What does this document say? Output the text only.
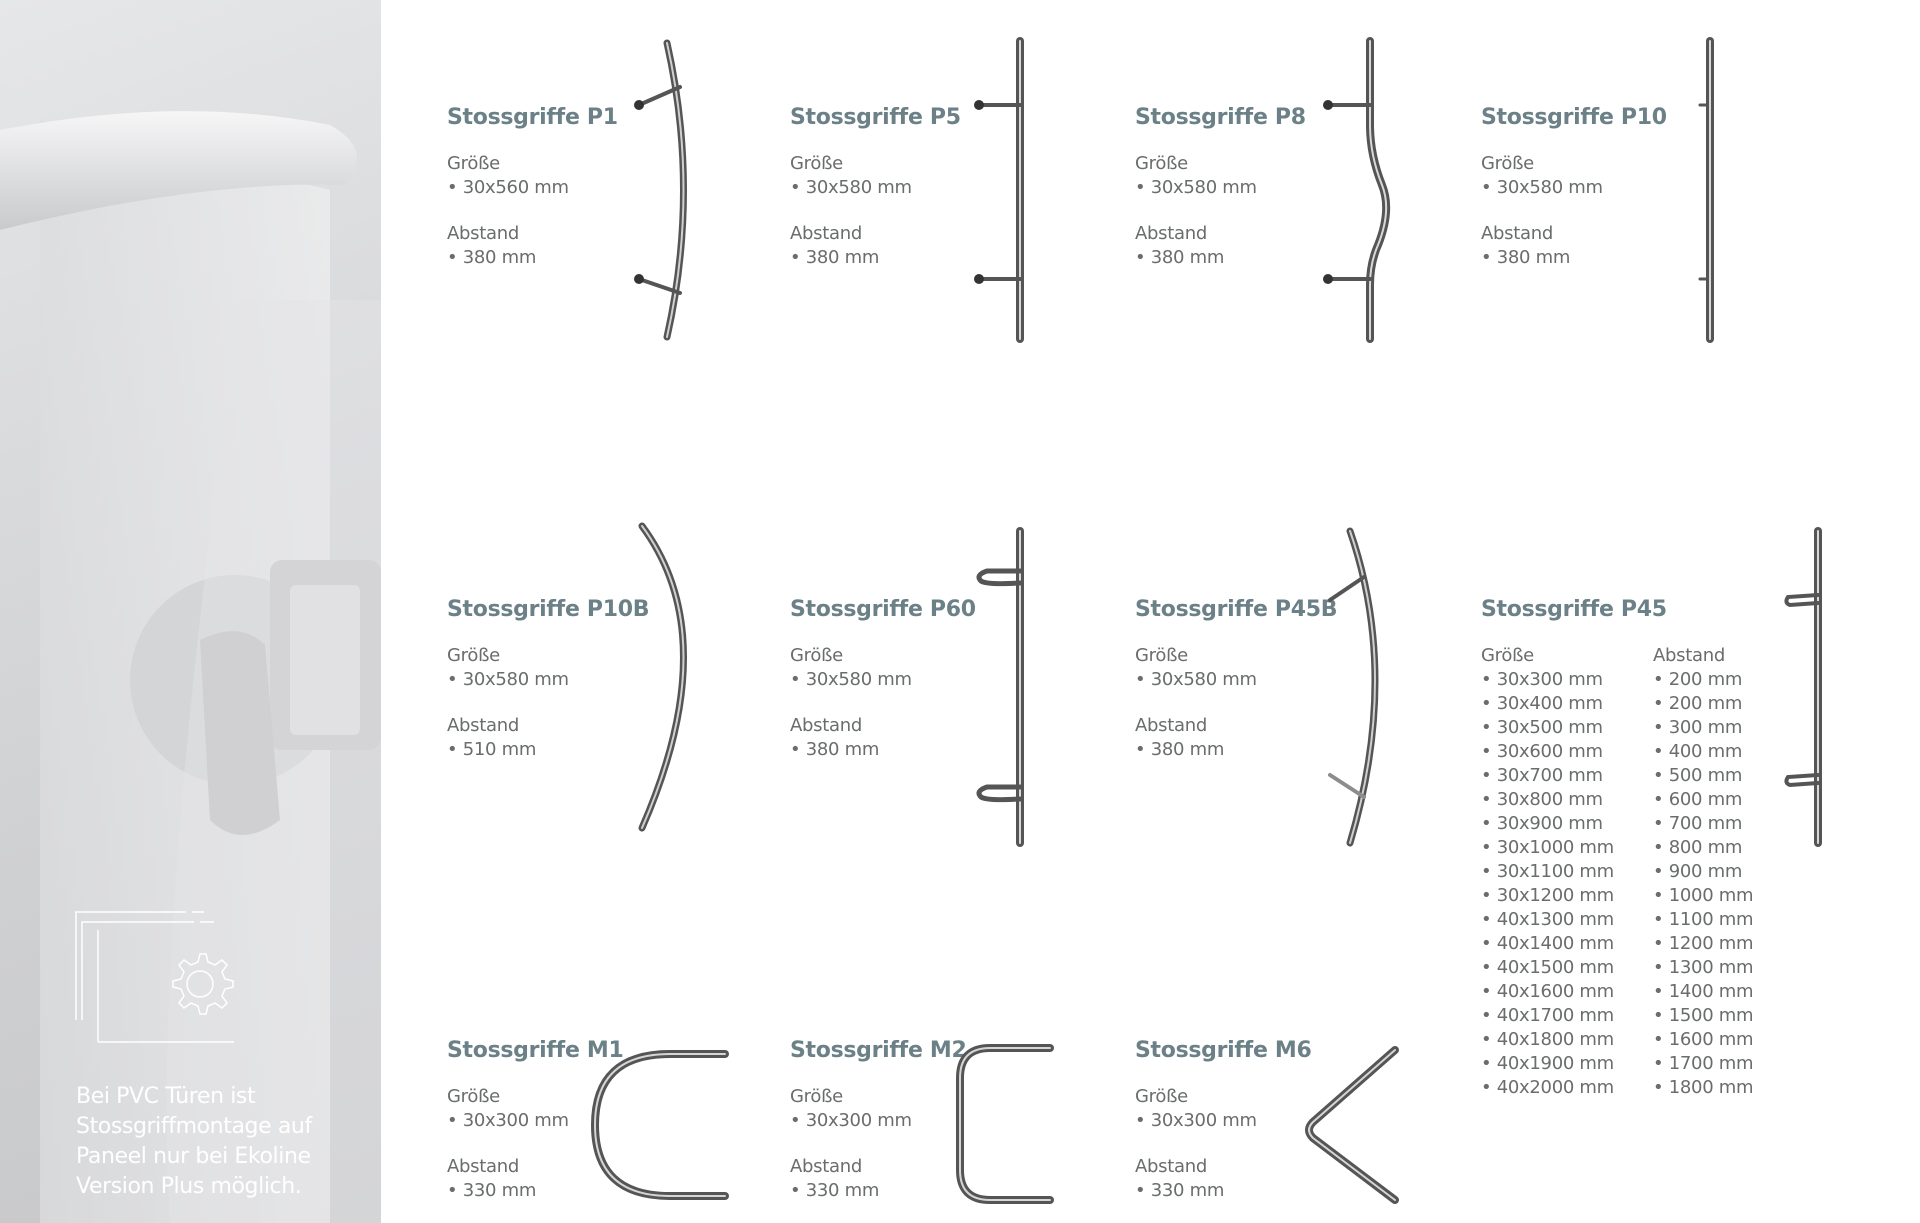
Bei PVC Türen ist Stossgriffmontage auf Paneel nur bei Ekoline Version Plus möglich.
Stossgriffe P1
Größe
• 30x560 mm
Abstand
• 380 mm
Stossgriffe P5
Größe
• 30x580 mm
Abstand
• 380 mm
Stossgriffe P8
Größe
• 30x580 mm
Abstand
• 380 mm
Stossgriffe P10
Größe
• 30x580 mm
Abstand
• 380 mm
Stossgriffe P10B
Größe
• 30x580 mm
Abstand
• 510 mm
Stossgriffe P60
Größe
• 30x580 mm
Abstand
• 380 mm
Stossgriffe P45B
Größe
• 30x580 mm
Abstand
• 380 mm
Stossgriffe P45
Größe
• 30x300 mm
• 30x400 mm
• 30x500 mm
• 30x600 mm
• 30x700 mm
• 30x800 mm
• 30x900 mm
• 30x1000 mm
• 30x1100 mm
• 30x1200 mm
• 40x1300 mm
• 40x1400 mm
• 40x1500 mm
• 40x1600 mm
• 40x1700 mm
• 40x1800 mm
• 40x1900 mm
• 40x2000 mm
Abstand
• 200 mm
• 200 mm
• 300 mm
• 400 mm
• 500 mm
• 600 mm
• 700 mm
• 800 mm
• 900 mm
• 1000 mm
• 1100 mm
• 1200 mm
• 1300 mm
• 1400 mm
• 1500 mm
• 1600 mm
• 1700 mm
• 1800 mm
Stossgriffe M1
Größe
• 30x300 mm
Abstand
• 330 mm
Stossgriffe M2
Größe
• 30x300 mm
Abstand
• 330 mm
Stossgriffe M6
Größe
• 30x300 mm
Abstand
• 330 mm
